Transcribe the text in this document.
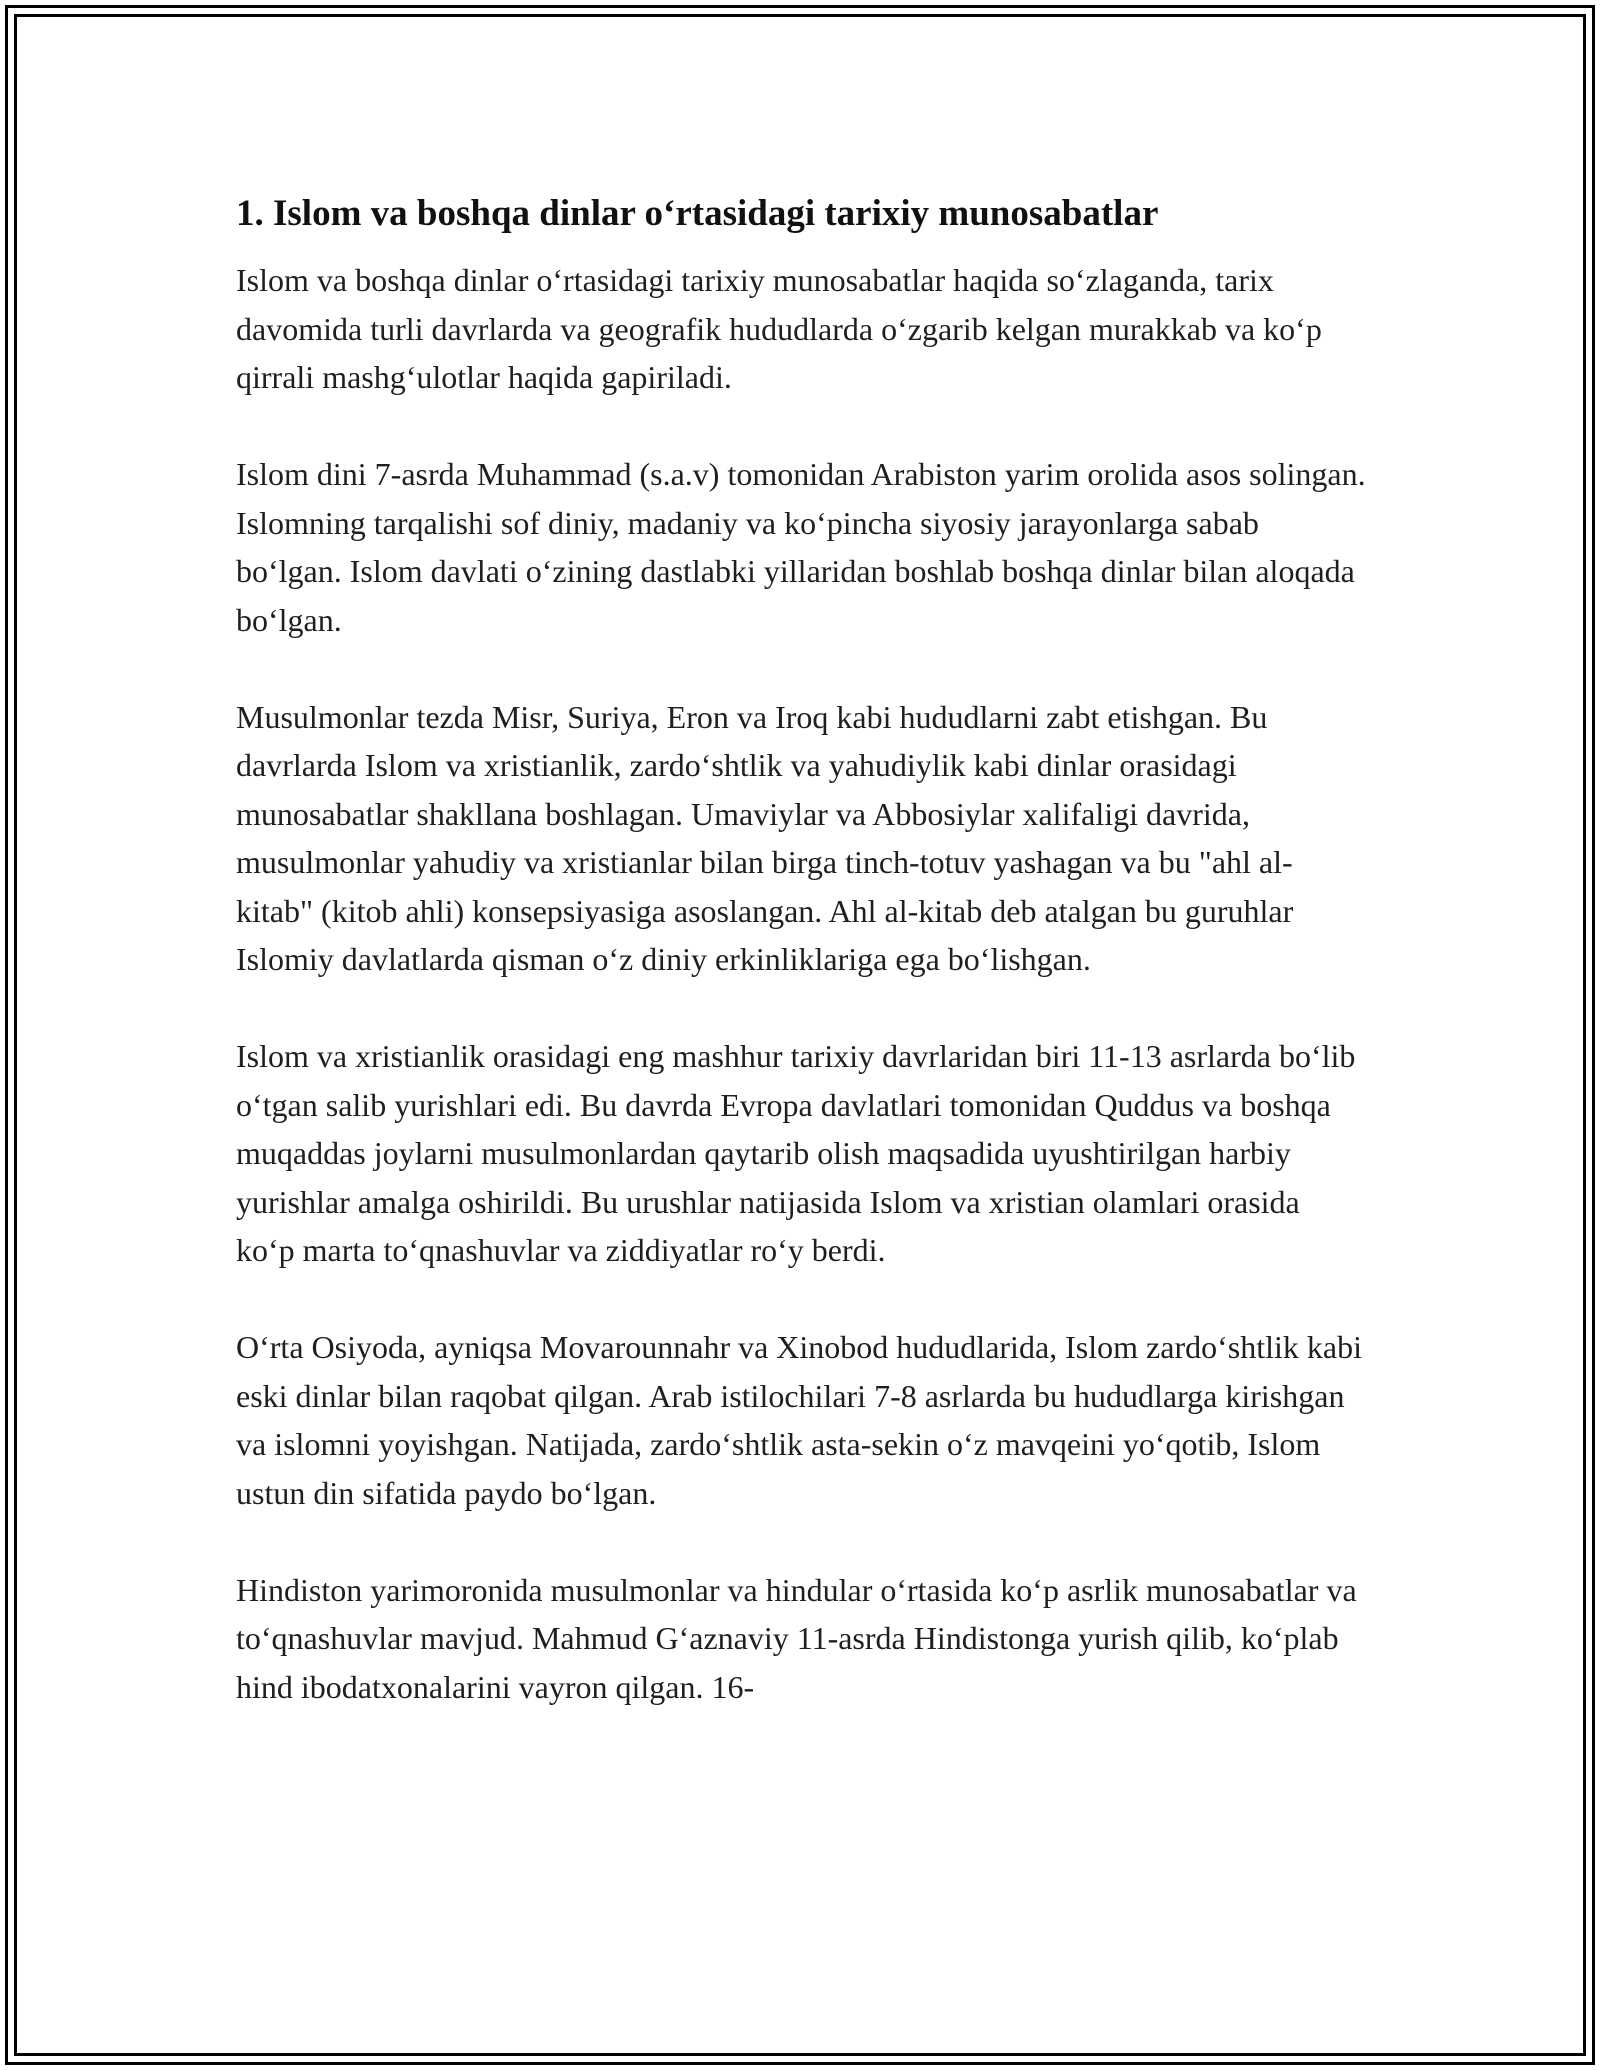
1. Islom va boshqa dinlar o‘rtasidagi tarixiy munosabatlar

Islom va boshqa dinlar o‘rtasidagi tarixiy munosabatlar haqida so‘zlaganda, tarix davomida turli davrlarda va geografik hududlarda o‘zgarib kelgan murakkab va ko‘p qirrali mashg‘ulotlar haqida gapiriladi.

Islom dini 7-asrda Muhammad (s.a.v) tomonidan Arabiston yarim orolida asos solingan. Islomning tarqalishi sof diniy, madaniy va ko‘pincha siyosiy jarayonlarga sabab bo‘lgan. Islom davlati o‘zining dastlabki yillaridan boshlab boshqa dinlar bilan aloqada bo‘lgan.

Musulmonlar tezda Misr, Suriya, Eron va Iroq kabi hududlarni zabt etishgan. Bu davrlarda Islom va xristianlik, zardo‘shtlik va yahudiylik kabi dinlar orasidagi munosabatlar shakllana boshlagan. Umaviylar va Abbosiylar xalifaligi davrida, musulmonlar yahudiy va xristianlar bilan birga tinch-totuv yashagan va bu "ahl al-kitab" (kitob ahli) konsepsiyasiga asoslangan. Ahl al-kitab deb atalgan bu guruhlar Islomiy davlatlarda qisman o‘z diniy erkinliklariga ega bo‘lishgan.

Islom va xristianlik orasidagi eng mashhur tarixiy davrlaridan biri 11-13 asrlarda bo‘lib o‘tgan salib yurishlari edi. Bu davrda Evropa davlatlari tomonidan Quddus va boshqa muqaddas joylarni musulmonlardan qaytarib olish maqsadida uyushtirilgan harbiy yurishlar amalga oshirildi. Bu urushlar natijasida Islom va xristian olamlari orasida ko‘p marta to‘qnashuvlar va ziddiyatlar ro‘y berdi.

O‘rta Osiyoda, ayniqsa Movarounnahr va Xinobod hududlarida, Islom zardo‘shtlik kabi eski dinlar bilan raqobat qilgan. Arab istilochilari 7-8 asrlarda bu hududlarga kirishgan va islomni yoyishgan. Natijada, zardo‘shtlik asta-sekin o‘z mavqeini yo‘qotib, Islom ustun din sifatida paydo bo‘lgan.

Hindiston yarimoronida musulmonlar va hindular o‘rtasida ko‘p asrlik munosabatlar va to‘qnashuvlar mavjud. Mahmud G‘aznaviy 11-asrda Hindistonga yurish qilib, ko‘plab hind ibodatxonalarini vayron qilgan. 16-
